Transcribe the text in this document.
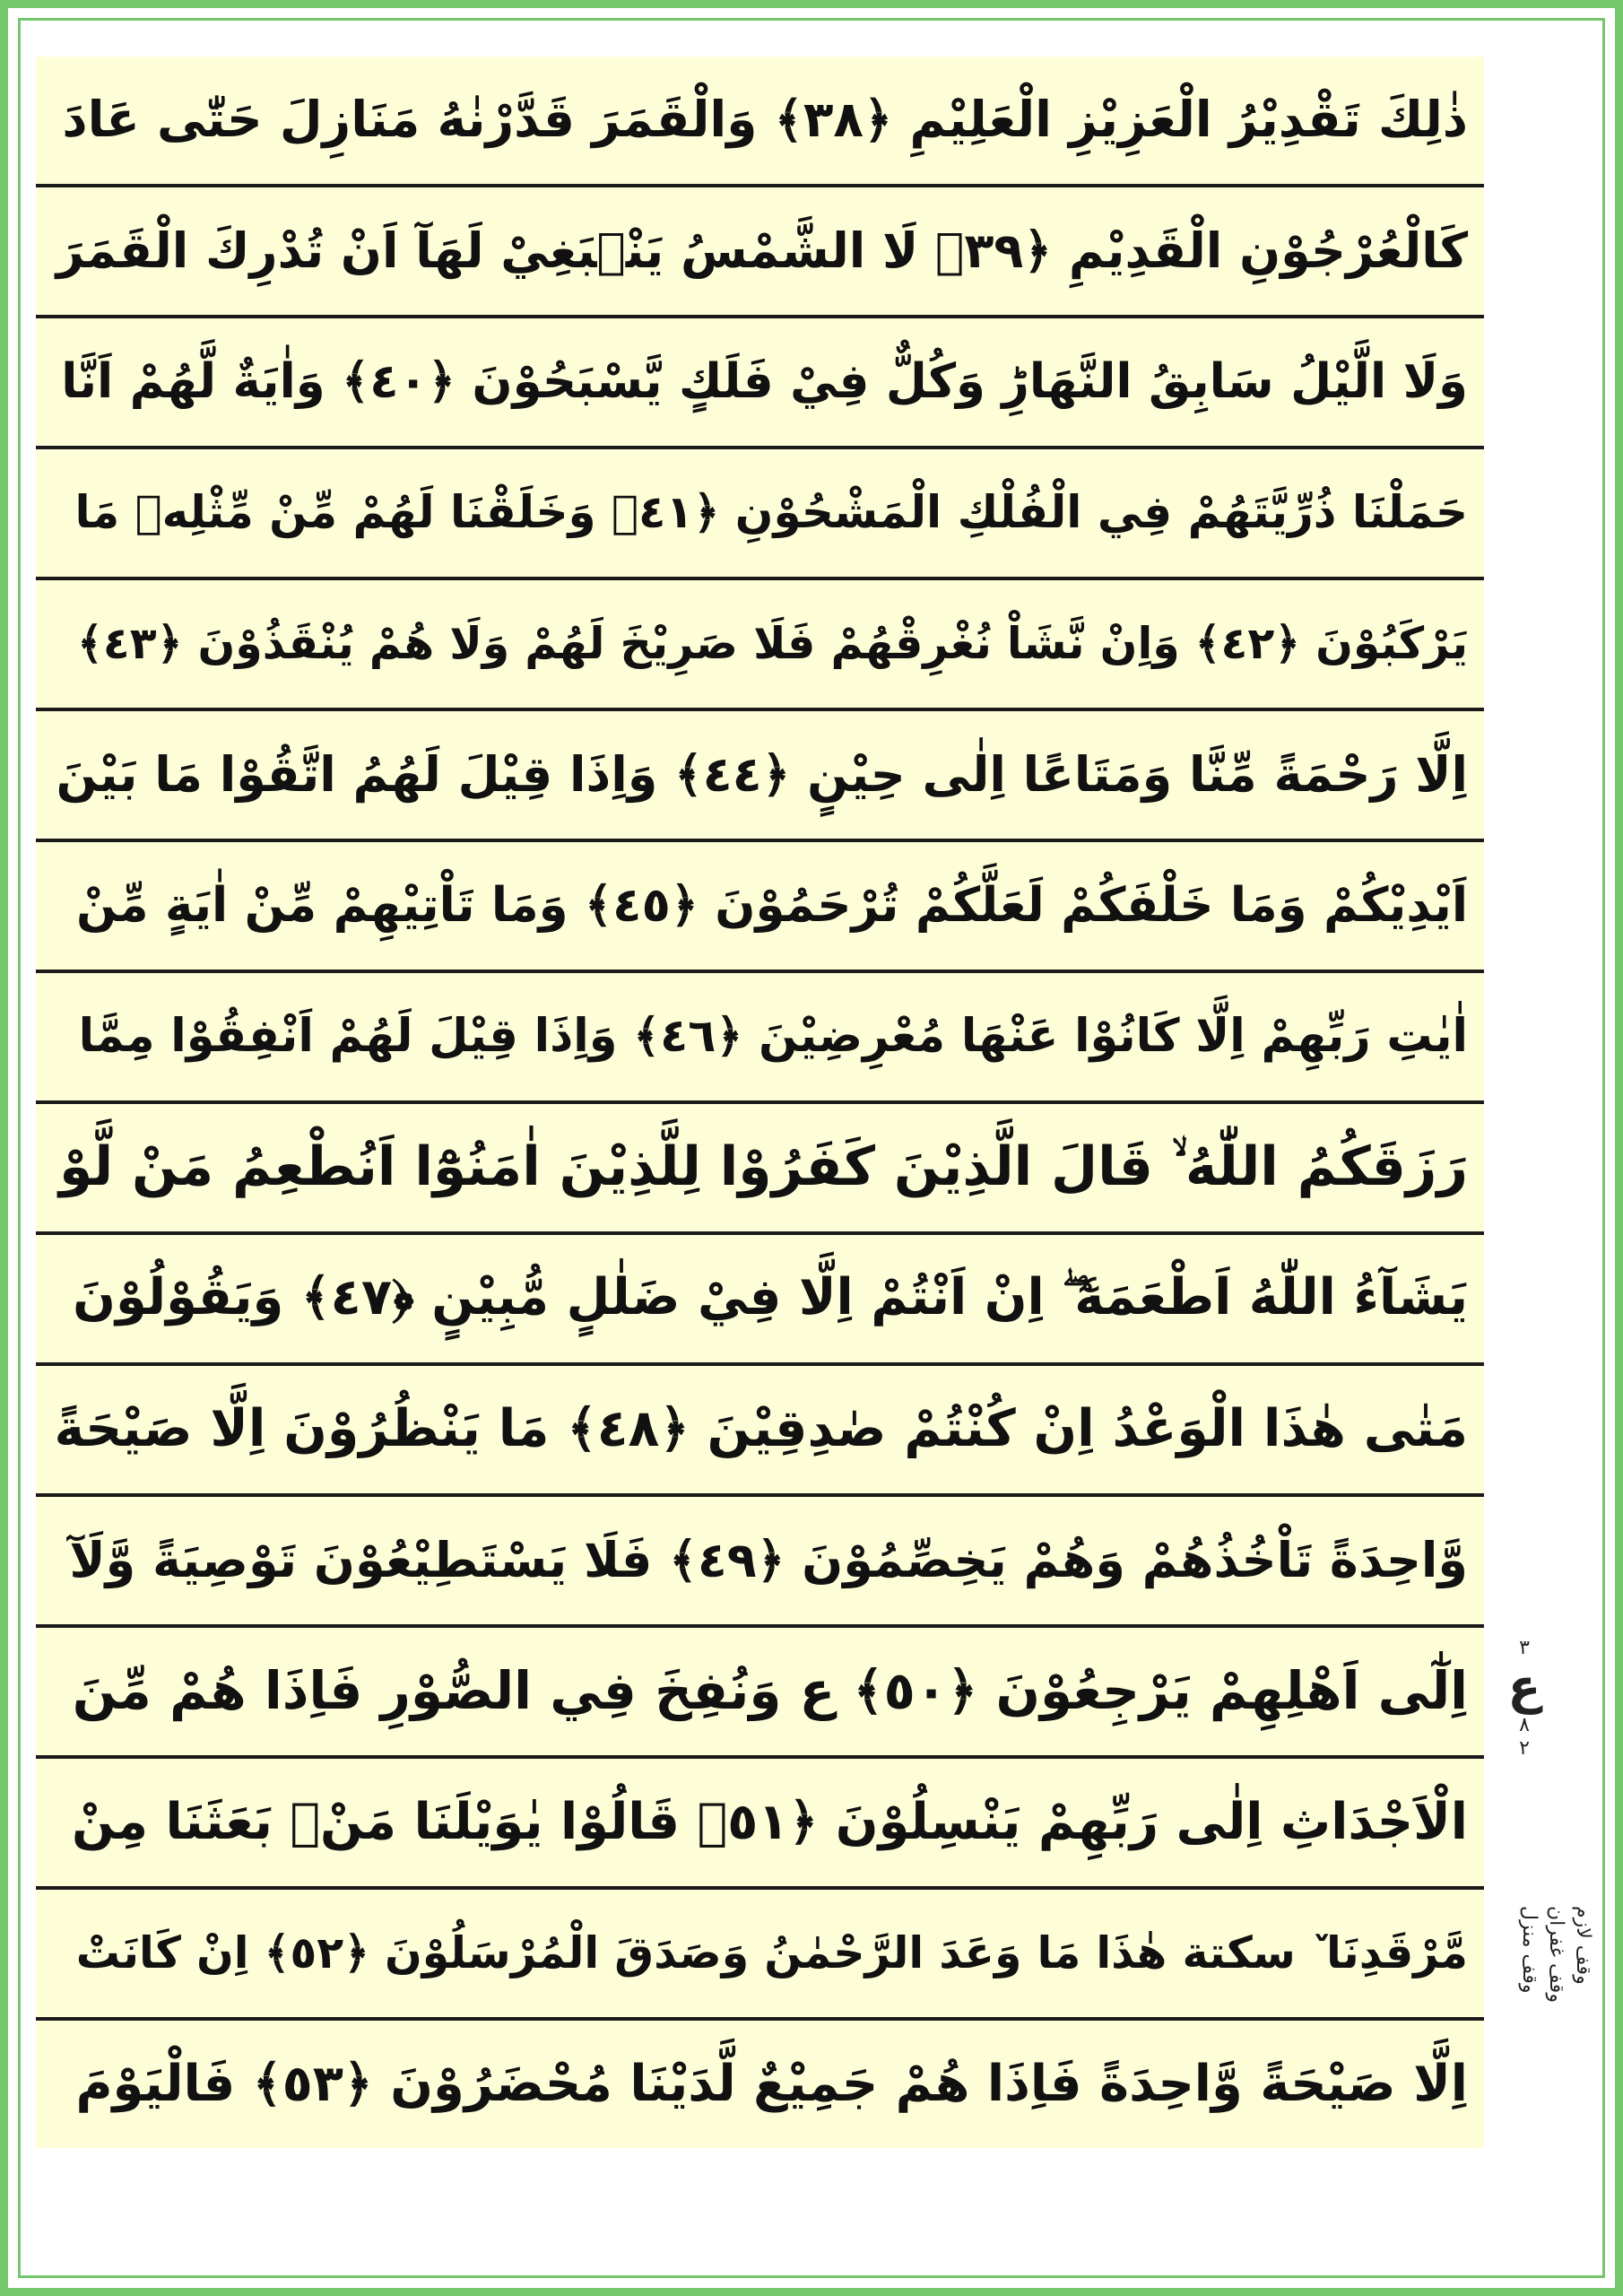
ذٰلِكَ تَقْدِيْرُ الْعَزِيْزِ الْعَلِيْمِ ﴿٣٨﴾ وَالْقَمَرَ قَدَّرْنٰهُ مَنَازِلَ حَتّٰى عَادَ
كَالْعُرْجُوْنِ الْقَدِيْمِ ﴿٣٩﴾ لَا الشَّمْسُ يَنْۢبَغِيْ لَهَآ اَنْ تُدْرِكَ الْقَمَرَ
وَلَا الَّيْلُ سَابِقُ النَّهَارِؕ وَكُلٌّ فِيْ فَلَكٍ يَّسْبَحُوْنَ ﴿٤٠﴾ وَاٰيَةٌ لَّهُمْ اَنَّا
حَمَلْنَا ذُرِّيَّتَهُمْ فِي الْفُلْكِ الْمَشْحُوْنِ ﴿٤١﴾ وَخَلَقْنَا لَهُمْ مِّنْ مِّثْلِهٖ مَا
يَرْكَبُوْنَ ﴿٤٢﴾ وَاِنْ نَّشَاْ نُغْرِقْهُمْ فَلَا صَرِيْخَ لَهُمْ وَلَا هُمْ يُنْقَذُوْنَ ﴿٤٣﴾
اِلَّا رَحْمَةً مِّنَّا وَمَتَاعًا اِلٰى حِيْنٍ ﴿٤٤﴾ وَاِذَا قِيْلَ لَهُمُ اتَّقُوْا مَا بَيْنَ
اَيْدِيْكُمْ وَمَا خَلْفَكُمْ لَعَلَّكُمْ تُرْحَمُوْنَ ﴿٤٥﴾ وَمَا تَاْتِيْهِمْ مِّنْ اٰيَةٍ مِّنْ
اٰيٰتِ رَبِّهِمْ اِلَّا كَانُوْا عَنْهَا مُعْرِضِيْنَ ﴿٤٦﴾ وَاِذَا قِيْلَ لَهُمْ اَنْفِقُوْا مِمَّا
رَزَقَكُمُ اللّٰهُ ۙ قَالَ الَّذِيْنَ كَفَرُوْا لِلَّذِيْنَ اٰمَنُوْٓا اَنُطْعِمُ مَنْ لَّوْ
يَشَآءُ اللّٰهُ اَطْعَمَهٗٓ ۖ اِنْ اَنْتُمْ اِلَّا فِيْ ضَلٰلٍ مُّبِيْنٍ ﴿٤٧﴾ وَيَقُوْلُوْنَ
مَتٰى هٰذَا الْوَعْدُ اِنْ كُنْتُمْ صٰدِقِيْنَ ﴿٤٨﴾ مَا يَنْظُرُوْنَ اِلَّا صَيْحَةً
وَّاحِدَةً تَاْخُذُهُمْ وَهُمْ يَخِصِّمُوْنَ ﴿٤٩﴾ فَلَا يَسْتَطِيْعُوْنَ تَوْصِيَةً وَّلَآ
اِلٰٓى اَهْلِهِمْ يَرْجِعُوْنَ ﴿٥٠﴾ ع وَنُفِخَ فِي الصُّوْرِ فَاِذَا هُمْ مِّنَ
الْاَجْدَاثِ اِلٰى رَبِّهِمْ يَنْسِلُوْنَ ﴿٥١﴾ قَالُوْا يٰوَيْلَنَا مَنْۢ بَعَثَنَا مِنْ
مَّرْقَدِنَا ٚ سكتة هٰذَا مَا وَعَدَ الرَّحْمٰنُ وَصَدَقَ الْمُرْسَلُوْنَ ﴿٥٢﴾ اِنْ كَانَتْ
اِلَّا صَيْحَةً وَّاحِدَةً فَاِذَا هُمْ جَمِيْعٌ لَّدَيْنَا مُحْضَرُوْنَ ﴿٥٣﴾ فَالْيَوْمَ
٣
ع
٨
٢
وقف لازم
وقف غفران
وقف منزل
